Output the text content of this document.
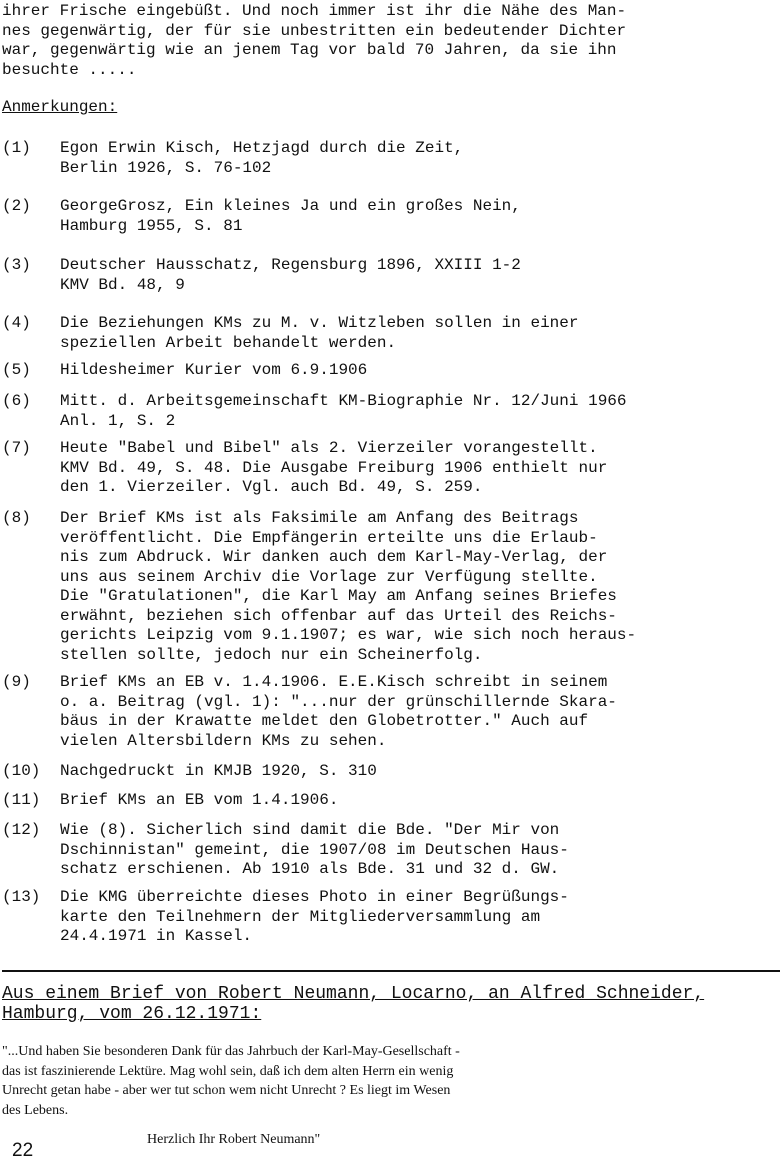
ihrer Frische eingebüßt. Und noch immer ist ihr die Nähe des Man-
nes gegenwärtig, der für sie unbestritten ein bedeutender Dichter
war, gegenwärtig wie an jenem Tag vor bald 70 Jahren, da sie ihn
besuchte .....
Anmerkungen:
(1) Egon Erwin Kisch, Hetzjagd durch die Zeit,
Berlin 1926, S. 76-102
(2) GeorgeGrosz, Ein kleines Ja und ein großes Nein,
Hamburg 1955, S. 81
(3) Deutscher Hausschatz, Regensburg 1896, XXIII 1-2
KMV Bd. 48, 9
(4) Die Beziehungen KMs zu M. v. Witzleben sollen in einer
speziellen Arbeit behandelt werden.
(5) Hildesheimer Kurier vom 6.9.1906
(6) Mitt. d. Arbeitsgemeinschaft KM-Biographie Nr. 12/Juni 1966
Anl. 1, S. 2
(7) Heute "Babel und Bibel" als 2. Vierzeiler vorangestellt.
KMV Bd. 49, S. 48. Die Ausgabe Freiburg 1906 enthielt nur
den 1. Vierzeiler. Vgl. auch Bd. 49, S. 259.
(8) Der Brief KMs ist als Faksimile am Anfang des Beitrags
veröffentlicht. Die Empfängerin erteilte uns die Erlaub-
nis zum Abdruck. Wir danken auch dem Karl-May-Verlag, der
uns aus seinem Archiv die Vorlage zur Verfügung stellte.
Die "Gratulationen", die Karl May am Anfang seines Briefes
erwähnt, beziehen sich offenbar auf das Urteil des Reichs-
gerichts Leipzig vom 9.1.1907; es war, wie sich noch heraus-
stellen sollte, jedoch nur ein Scheinerfolg.
(9) Brief KMs an EB v. 1.4.1906. E.E.Kisch schreibt in seinem
o. a. Beitrag (vgl. 1): "...nur der grünschillernde Skara-
bäus in der Krawatte meldet den Globetrotter." Auch auf
vielen Altersbildern KMs zu sehen.
(10) Nachgedruckt in KMJB 1920, S. 310
(11) Brief KMs an EB vom 1.4.1906.
(12) Wie (8). Sicherlich sind damit die Bde. "Der Mir von
Dschinnistan" gemeint, die 1907/08 im Deutschen Haus-
schatz erschienen. Ab 1910 als Bde. 31 und 32 d. GW.
(13) Die KMG überreichte dieses Photo in einer Begrüßungs-
karte den Teilnehmern der Mitgliederversammlung am
24.4.1971 in Kassel.
Aus einem Brief von Robert Neumann, Locarno, an Alfred Schneider,
Hamburg, vom 26.12.1971:
"...Und haben Sie besonderen Dank für das Jahrbuch der Karl-May-Gesellschaft -
das ist faszinierende Lektüre. Mag wohl sein, daß ich dem alten Herrn ein wenig
Unrecht getan habe - aber wer tut schon wem nicht Unrecht ? Es liegt im Wesen
des Lebens.
22
Herzlich Ihr Robert Neumann"
